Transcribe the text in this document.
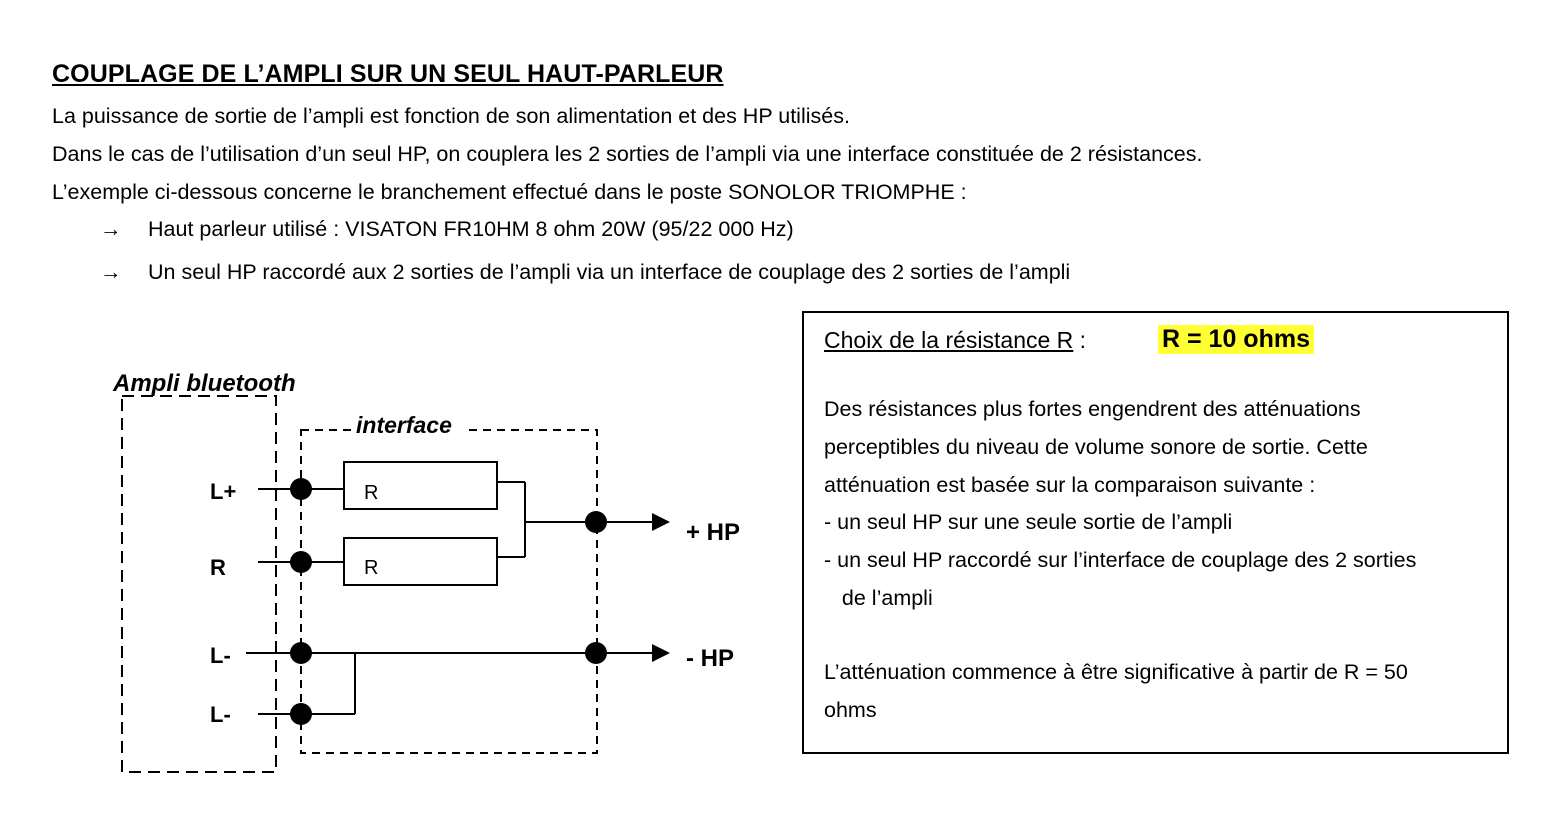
COUPLAGE DE L’AMPLI SUR UN SEUL HAUT-PARLEUR
La puissance de sortie de l’ampli est fonction de son alimentation et des HP utilisés.
Dans le cas de l’utilisation d’un seul HP, on couplera les 2 sorties de l’ampli via une interface constituée de 2 résistances.
L’exemple ci-dessous concerne le branchement effectué dans le poste SONOLOR TRIOMPHE :
→ Haut parleur utilisé : VISATON FR10HM 8 ohm 20W (95/22 000 Hz)
→ Un seul HP raccordé aux 2 sorties de l’ampli via un interface de couplage des 2 sorties de l’ampli
Ampli bluetooth
interface
L+
R
L-
L-
R
R
+ HP
- HP
Choix de la résistance R :	R = 10 ohms
Des résistances plus fortes engendrent des atténuations
perceptibles du niveau de volume sonore de sortie. Cette
atténuation est basée sur la comparaison suivante :
- un seul HP sur une seule sortie de l’ampli
- un seul HP raccordé sur l’interface de couplage des 2 sorties
de l’ampli
L’atténuation commence à être significative à partir de R = 50
ohms
